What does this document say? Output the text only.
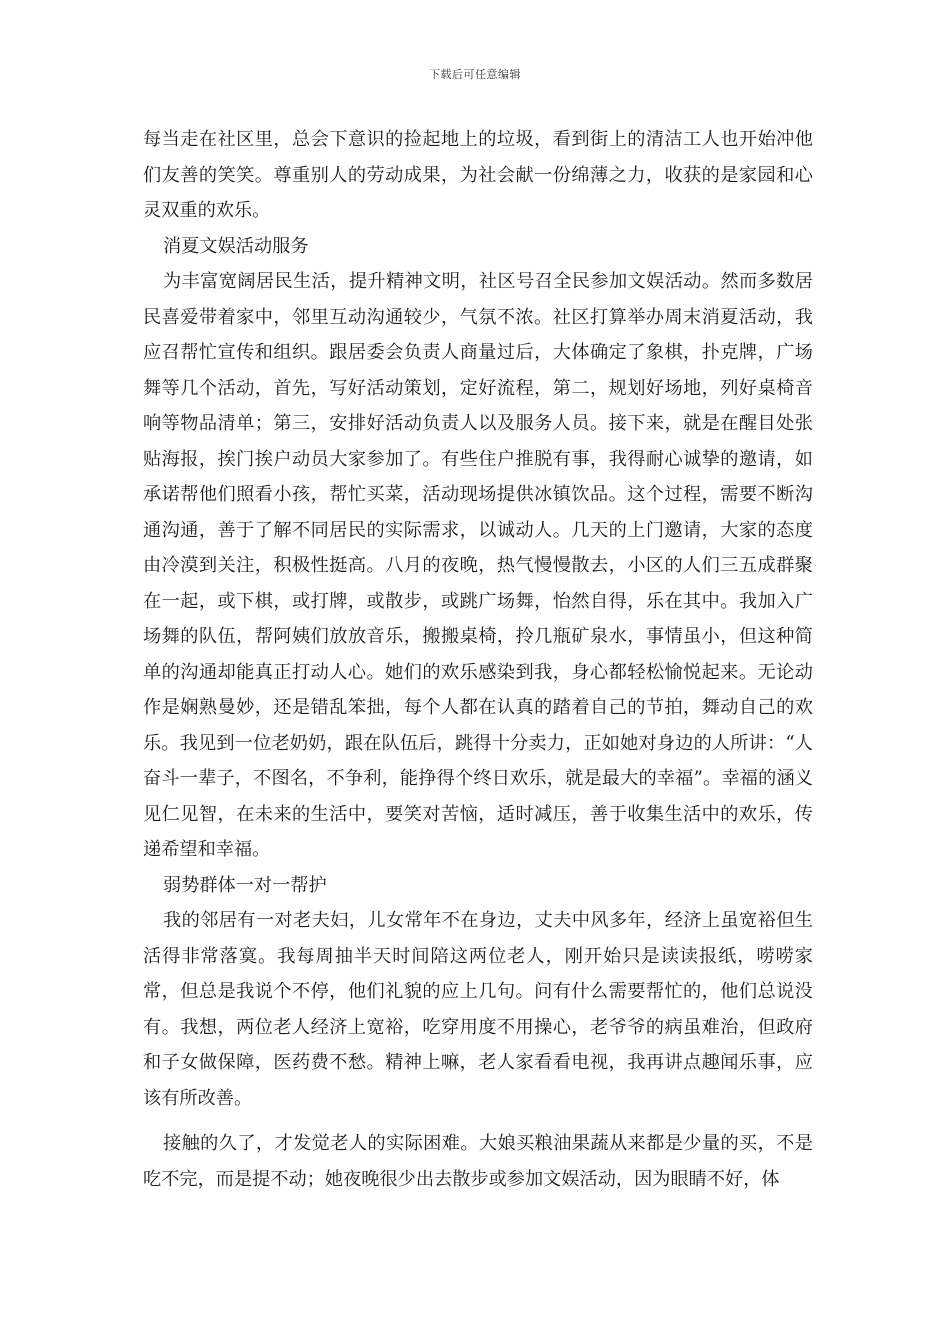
下载后可任意编辑

每当走在社区里，总会下意识的捡起地上的垃圾，看到街上的清洁工人也开始冲他们友善的笑笑。尊重别人的劳动成果，为社会献一份绵薄之力，收获的是家园和心灵双重的欢乐。

消夏文娱活动服务

为丰富宽阔居民生活，提升精神文明，社区号召全民参加文娱活动。然而多数居民喜爱带着家中，邻里互动沟通较少，气氛不浓。社区打算举办周末消夏活动，我应召帮忙宣传和组织。跟居委会负责人商量过后，大体确定了象棋，扑克牌，广场舞等几个活动，首先，写好活动策划，定好流程，第二，规划好场地，列好桌椅音响等物品清单；第三，安排好活动负责人以及服务人员。接下来，就是在醒目处张贴海报，挨门挨户动员大家参加了。有些住户推脱有事，我得耐心诚挚的邀请，如承诺帮他们照看小孩，帮忙买菜，活动现场提供冰镇饮品。这个过程，需要不断沟通沟通，善于了解不同居民的实际需求，以诚动人。几天的上门邀请，大家的态度由冷漠到关注，积极性挺高。八月的夜晚，热气慢慢散去，小区的人们三五成群聚在一起，或下棋，或打牌，或散步，或跳广场舞，怡然自得，乐在其中。我加入广场舞的队伍，帮阿姨们放放音乐，搬搬桌椅，拎几瓶矿泉水，事情虽小，但这种简单的沟通却能真正打动人心。她们的欢乐感染到我，身心都轻松愉悦起来。无论动作是娴熟曼妙，还是错乱笨拙，每个人都在认真的踏着自己的节拍，舞动自己的欢乐。我见到一位老奶奶，跟在队伍后，跳得十分卖力，正如她对身边的人所讲：“人奋斗一辈子，不图名，不争利，能挣得个终日欢乐，就是最大的幸福”。幸福的涵义见仁见智，在未来的生活中，要笑对苦恼，适时减压，善于收集生活中的欢乐，传递希望和幸福。

弱势群体一对一帮护

我的邻居有一对老夫妇，儿女常年不在身边，丈夫中风多年，经济上虽宽裕但生活得非常落寞。我每周抽半天时间陪这两位老人，刚开始只是读读报纸，唠唠家常，但总是我说个不停，他们礼貌的应上几句。问有什么需要帮忙的，他们总说没有。我想，两位老人经济上宽裕，吃穿用度不用操心，老爷爷的病虽难治，但政府和子女做保障，医药费不愁。精神上嘛，老人家看看电视，我再讲点趣闻乐事，应该有所改善。

接触的久了，才发觉老人的实际困难。大娘买粮油果蔬从来都是少量的买，不是吃不完，而是提不动；她夜晚很少出去散步或参加文娱活动，因为眼睛不好，体
